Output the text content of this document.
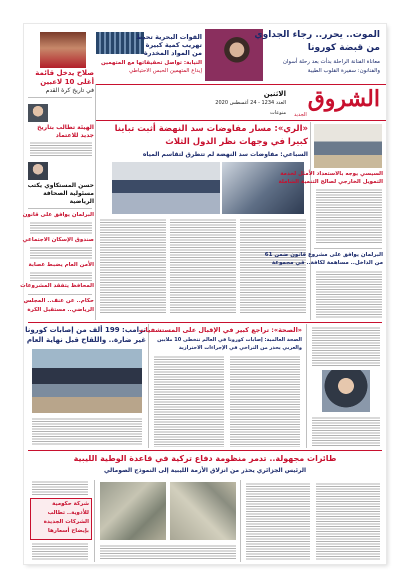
صلاح يدخل قائمة
أغلى 10 لاعبين
في تاريخ كرة القدم
القوات البحرية تحبط
تهريب كمية كبيرة
من المواد المخدرة
النيابة: تواصل تحقيقاتها مع المتهمين
إيداع المتهمين الحبس الاحتياطي
الموت.. يحرر.. رجاء الجداوي
من قبضة كورونا
معاناة الفنانة الراحلة بدأت بعد رحلة أسوان
والفنانون: سفيرة القلوب الطيبة
الشروق
الجديد
الاثنين
العدد 1234 - 24 أغسطس 2020
منوعات
الهيئة تطالب بتاريخ
جديد للاعتماد
حسن المستكاوي يكتب
مسئولية الصحافة
الرياضية
البرلمان يوافق على قانون
صندوق الإسكان الاجتماعي
الأمن العام يضبط عصابة
المحافظ يتفقد المشروعات
حكام.. عن عنف.. المجلس
الرياضي.. مستقبل الكرة
«الري»: مسار مفاوضات سد النهضة أثبت تباينا
كبيرا في وجهات نظر الدول الثلاث
السباعي: مفاوضات سد النهضة لم تتطرق لتقاسم المياه
السيسي يوجه بالاستعداد الأمثل لخدمة
التمويل الخارجي لصالح التنمية الشاملة
البرلمان يوافق على مشروع قانون ضمن 61
من الداخل.. مساهمة لكافة.. في مجموعة
ترامب: 199 ألف من إصابات كورونا
غير ضارة.. واللقاح قبل نهاية العام
«الصحة»: تراجع كبير في الإقبال على المستشفيات
الصحة العالمية: إصابات كورونا في العالم تتخطى 10 ملايين
والعربي يحذر من التراخي في الإجراءات الاحترازية
طائرات مجهولة.. تدمر منظومة دفاع تركية في قاعدة الوطية الليبية
الرئيس الجزائري يحذر من انزلاق الأزمة الليبية إلى النموذج الصومالي
شركة حكومية
للأدوية.. تطالب
الشركات الجديدة
بإيضاح أسعارها
